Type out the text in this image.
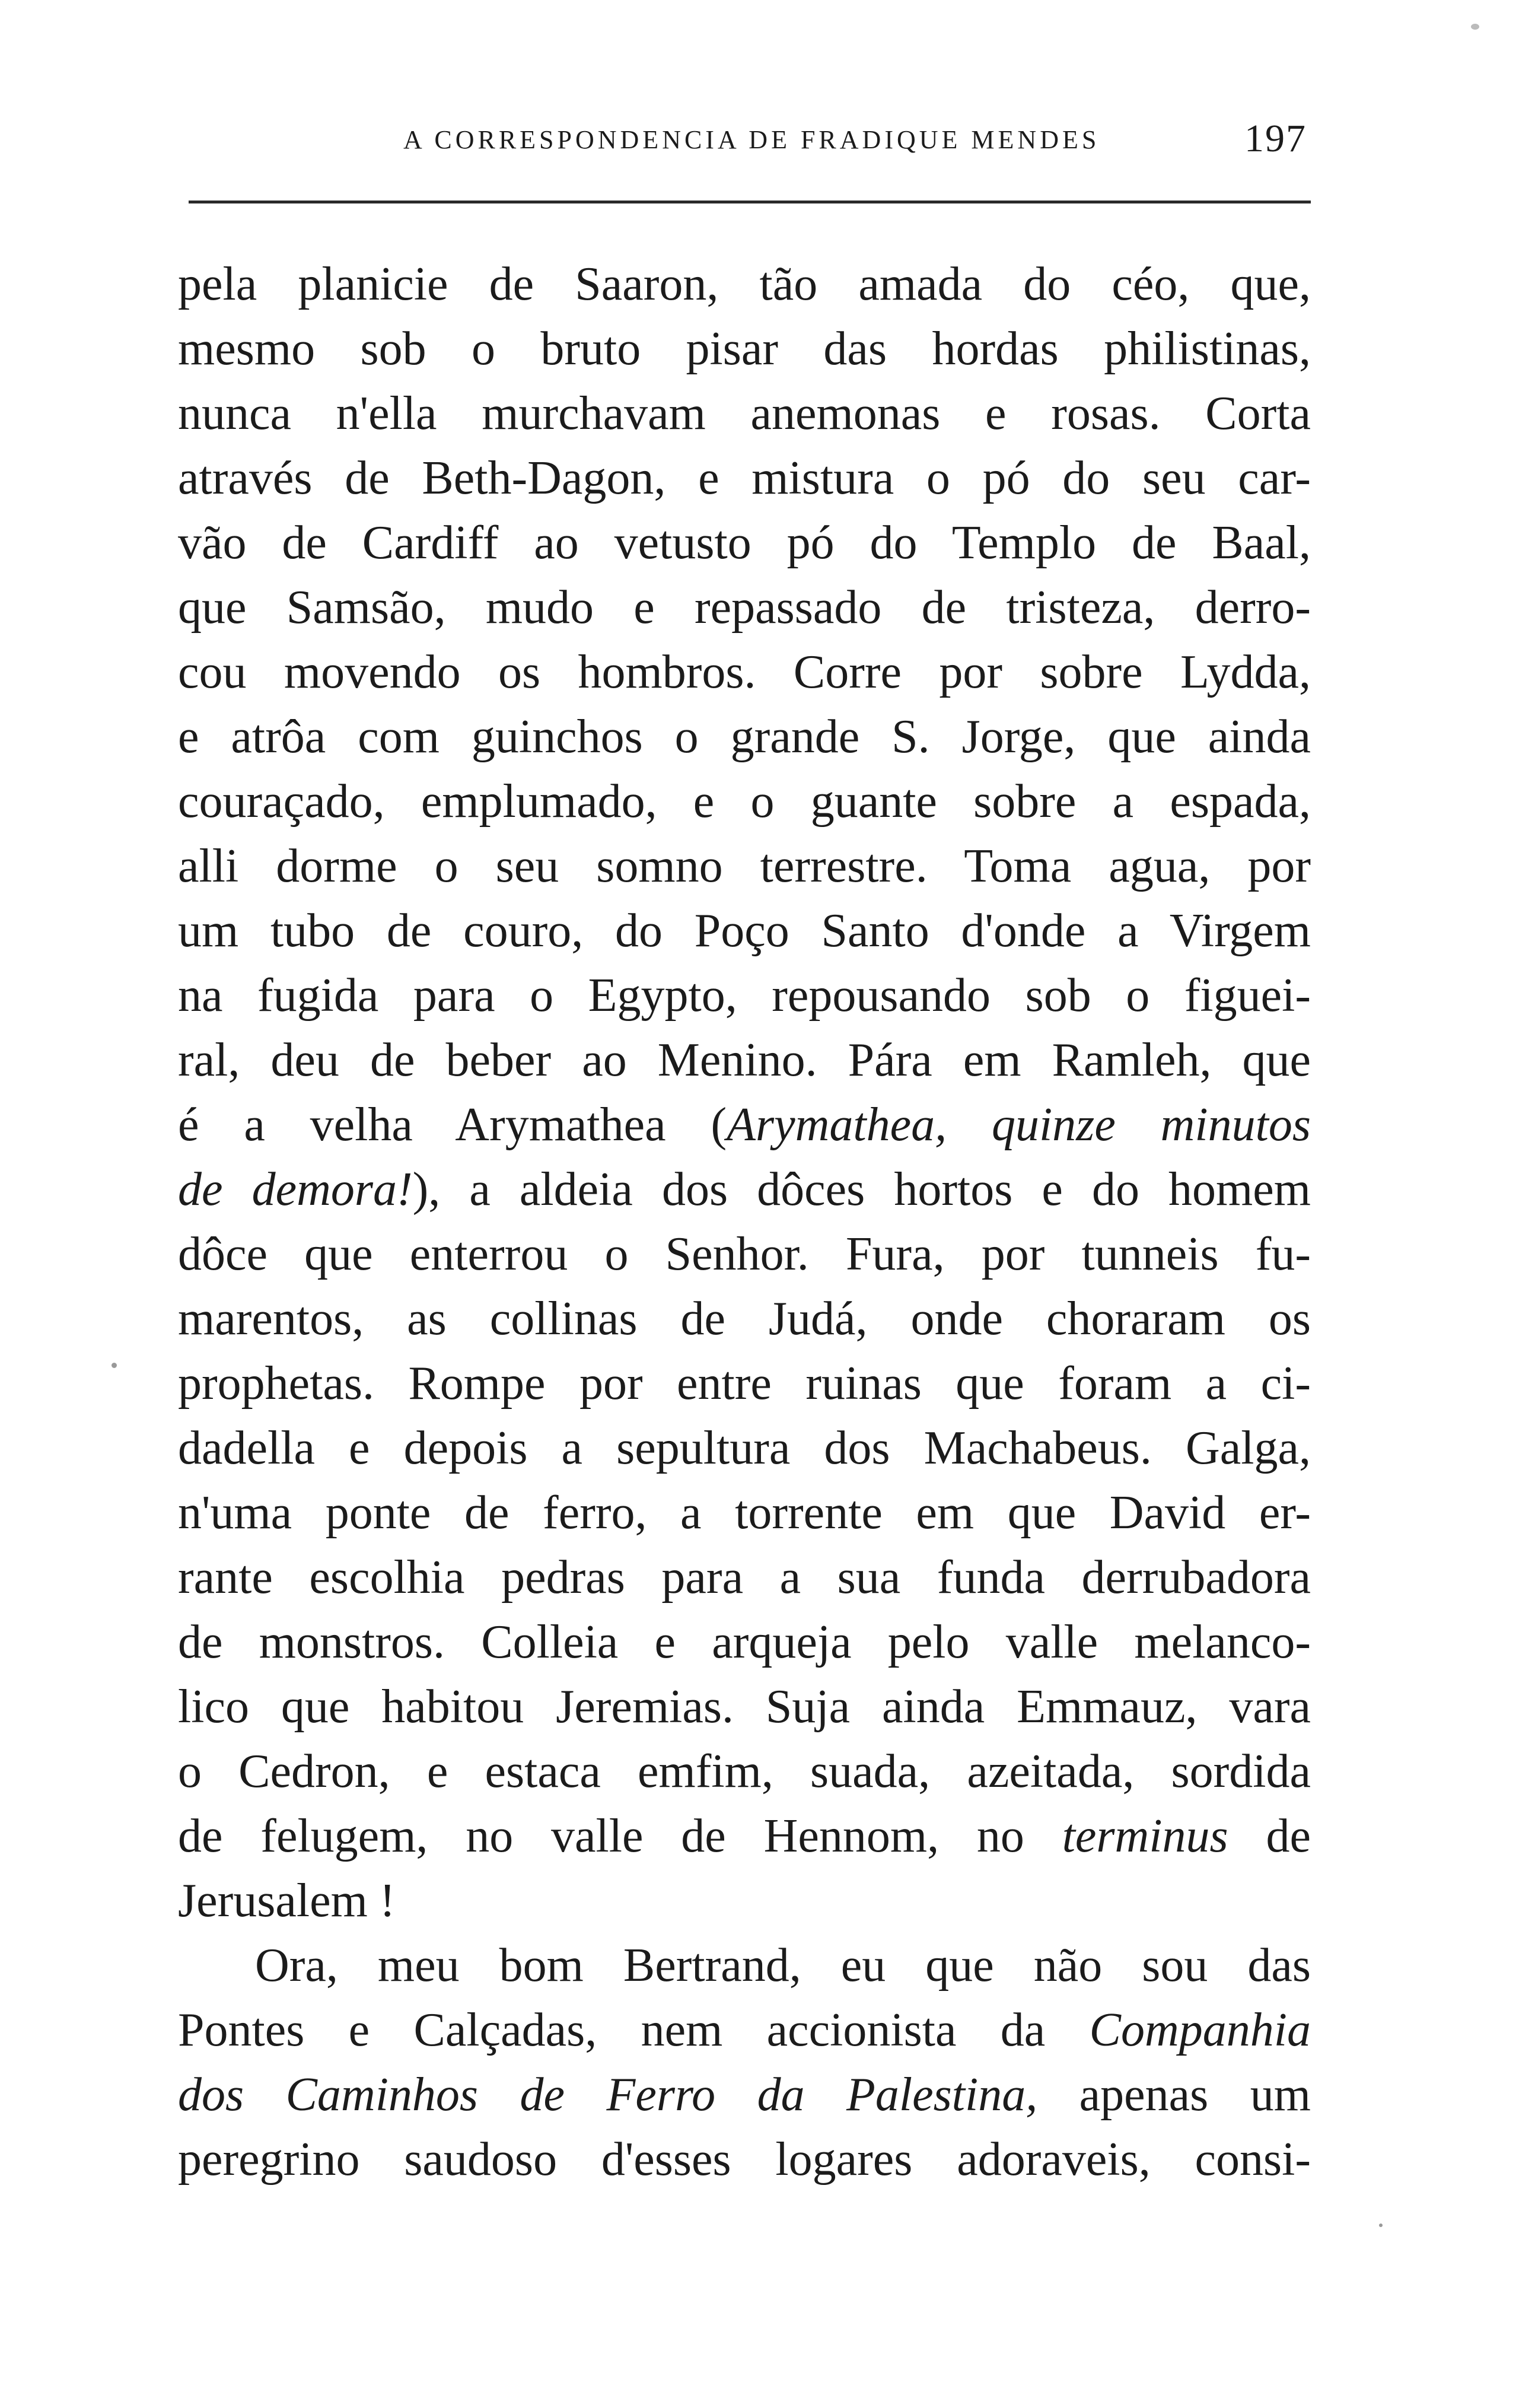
A CORRESPONDENCIA DE FRADIQUE MENDES	197
pela planicie de Saaron, tão amada do céo, que,
mesmo sob o bruto pisar das hordas philistinas,
nunca n'ella murchavam anemonas e rosas. Corta
através de Beth-Dagon, e mistura o pó do seu car-
vão de Cardiff ao vetusto pó do Templo de Baal,
que Samsão, mudo e repassado de tristeza, derro-
cou movendo os hombros. Corre por sobre Lydda,
e atrôa com guinchos o grande S. Jorge, que ainda
couraçado, emplumado, e o guante sobre a espada,
alli dorme o seu somno terrestre. Toma agua, por
um tubo de couro, do Poço Santo d'onde a Virgem
na fugida para o Egypto, repousando sob o figuei-
ral, deu de beber ao Menino. Pára em Ramleh, que
é a velha Arymathea (Arymathea, quinze minutos
de demora!), a aldeia dos dôces hortos e do homem
dôce que enterrou o Senhor. Fura, por tunneis fu-
marentos, as collinas de Judá, onde choraram os
prophetas. Rompe por entre ruinas que foram a ci-
dadella e depois a sepultura dos Machabeus. Galga,
n'uma ponte de ferro, a torrente em que David er-
rante escolhia pedras para a sua funda derrubadora
de monstros. Colleia e arqueja pelo valle melanco-
lico que habitou Jeremias. Suja ainda Emmauz, vara
o Cedron, e estaca emfim, suada, azeitada, sordida
de felugem, no valle de Hennom, no terminus de
Jerusalem !
Ora, meu bom Bertrand, eu que não sou das
Pontes e Calçadas, nem accionista da Companhia
dos Caminhos de Ferro da Palestina, apenas um
peregrino saudoso d'esses logares adoraveis, consi-
